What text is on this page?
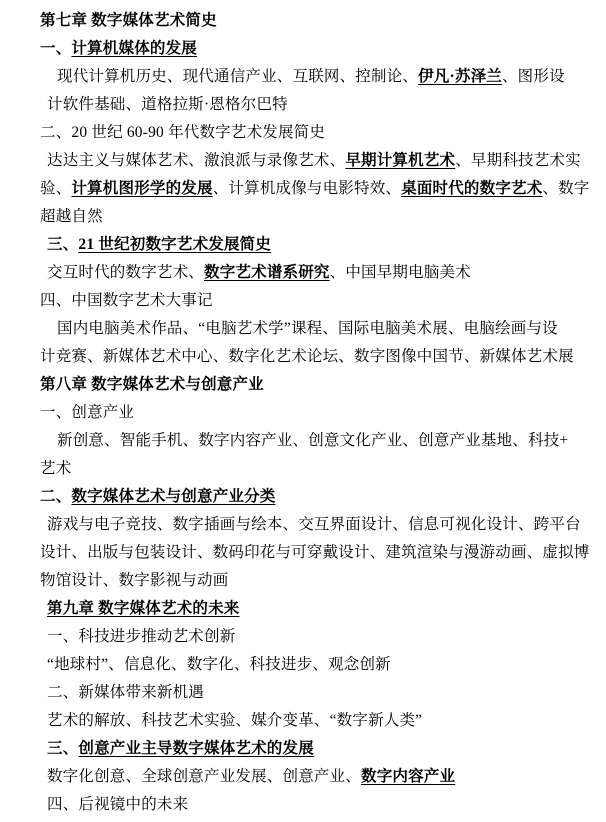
第七章 数字媒体艺术简史
一、计算机媒体的发展
现代计算机历史、现代通信产业、互联网、控制论、伊凡·苏泽兰、图形设
计软件基础、道格拉斯·恩格尔巴特
二、20 世纪 60-90 年代数字艺术发展简史
达达主义与媒体艺术、激浪派与录像艺术、早期计算机艺术、早期科技艺术实
验、计算机图形学的发展、计算机成像与电影特效、桌面时代的数字艺术、数字
超越自然
三、21 世纪初数字艺术发展简史
交互时代的数字艺术、数字艺术谱系研究、中国早期电脑美术
四、中国数字艺术大事记
国内电脑美术作品、“电脑艺术学”课程、国际电脑美术展、电脑绘画与设
计竞赛、新媒体艺术中心、数字化艺术论坛、数字图像中国节、新媒体艺术展
第八章 数字媒体艺术与创意产业
一、创意产业
新创意、智能手机、数字内容产业、创意文化产业、创意产业基地、科技+
艺术
二、数字媒体艺术与创意产业分类
游戏与电子竞技、数字插画与绘本、交互界面设计、信息可视化设计、跨平台
设计、出版与包装设计、数码印花与可穿戴设计、建筑渲染与漫游动画、虚拟博
物馆设计、数字影视与动画
第九章 数字媒体艺术的未来
一、科技进步推动艺术创新
“地球村”、信息化、数字化、科技进步、观念创新
二、新媒体带来新机遇
艺术的解放、科技艺术实验、媒介变革、“数字新人类”
三、创意产业主导数字媒体艺术的发展
数字化创意、全球创意产业发展、创意产业、数字内容产业
四、后视镜中的未来
